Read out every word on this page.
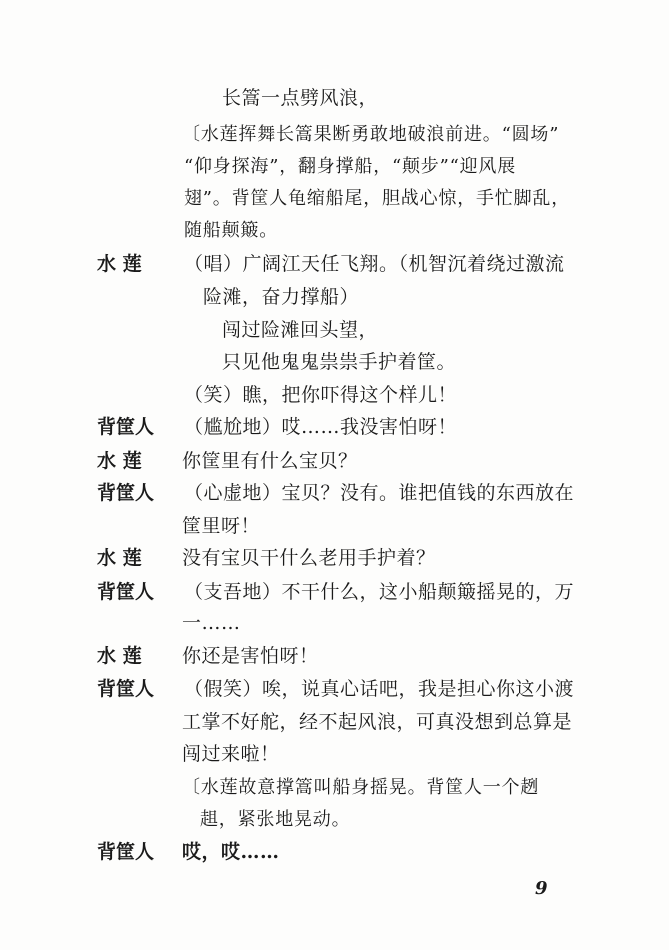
长篙一点劈风浪，
〔水莲挥舞长篙果断勇敢地破浪前进。“圆场”
“仰身探海”，翻身撑船，“颠步”“迎风展
翅”。背筐人龟缩船尾，胆战心惊，手忙脚乱，
随船颠簸。
水 莲 （唱）广阔江天任飞翔。（机智沉着绕过激流
险滩，奋力撑船）
闯过险滩回头望，
只见他鬼鬼祟祟手护着筐。
（笑）瞧，把你吓得这个样儿！
背筐人 （尴尬地）哎……我没害怕呀！
水 莲 你筐里有什么宝贝？
背筐人 （心虚地）宝贝？没有。谁把值钱的东西放在
筐里呀！
水 莲 没有宝贝干什么老用手护着？
背筐人 （支吾地）不干什么，这小船颠簸摇晃的，万
一……
水 莲 你还是害怕呀！
背筐人 （假笑）唉，说真心话吧，我是担心你这小渡
工掌不好舵，经不起风浪，可真没想到总算是
闯过来啦！
〔水莲故意撑篙叫船身摇晃。背筐人一个趔
趄，紧张地晃动。
背筐人 哎，哎……
9
